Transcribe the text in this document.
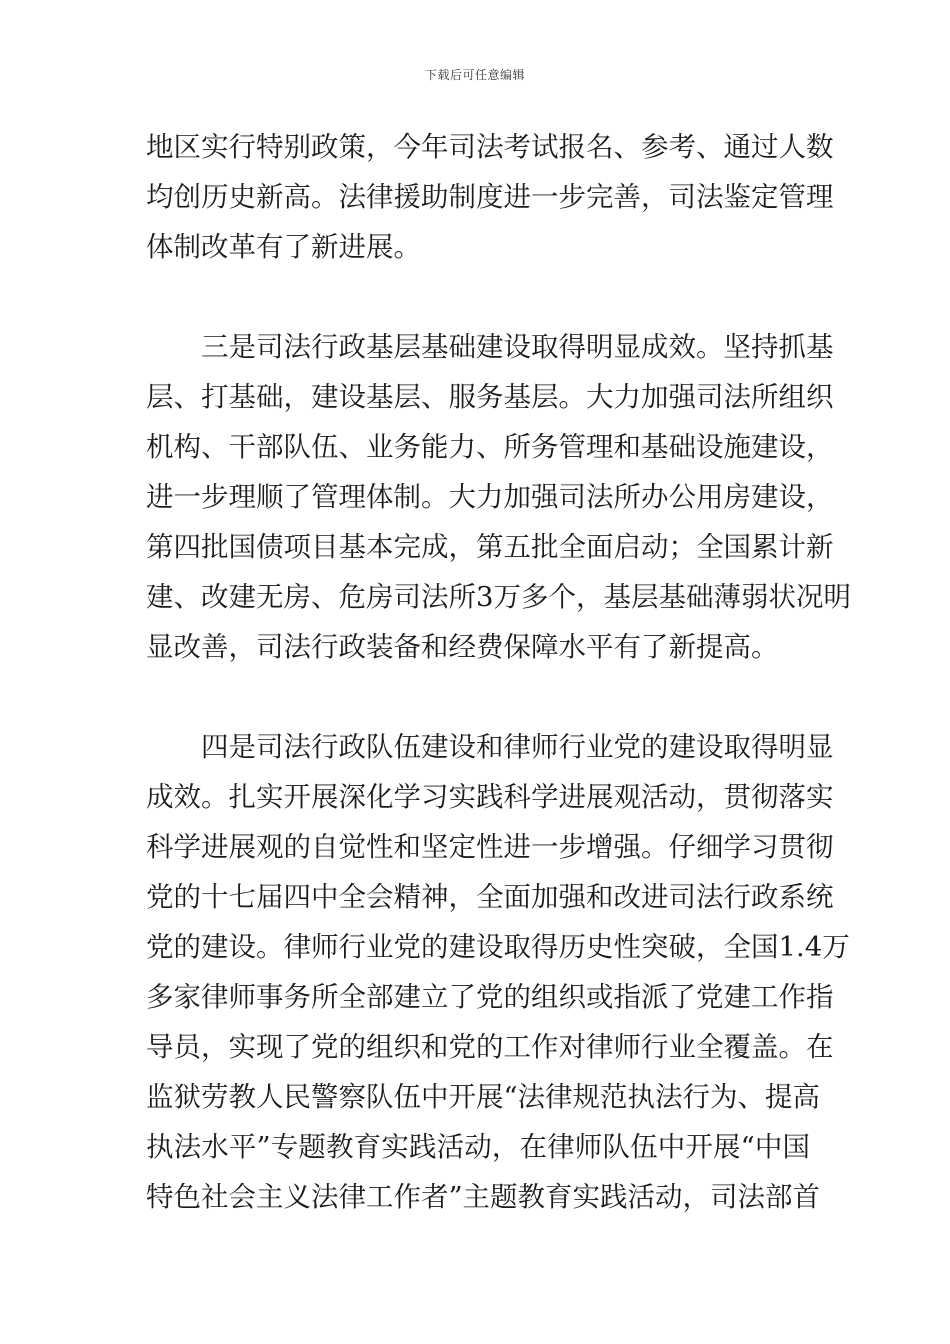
下载后可任意编辑
地区实行特别政策，今年司法考试报名、参考、通过人数
均创历史新高。法律援助制度进一步完善，司法鉴定管理
体制改革有了新进展。
三是司法行政基层基础建设取得明显成效。坚持抓基
层、打基础，建设基层、服务基层。大力加强司法所组织
机构、干部队伍、业务能力、所务管理和基础设施建设，
进一步理顺了管理体制。大力加强司法所办公用房建设，
第四批国债项目基本完成，第五批全面启动；全国累计新
建、改建无房、危房司法所3万多个，基层基础薄弱状况明
显改善，司法行政装备和经费保障水平有了新提高。
四是司法行政队伍建设和律师行业党的建设取得明显
成效。扎实开展深化学习实践科学进展观活动，贯彻落实
科学进展观的自觉性和坚定性进一步增强。仔细学习贯彻
党的十七届四中全会精神，全面加强和改进司法行政系统
党的建设。律师行业党的建设取得历史性突破，全国1.4万
多家律师事务所全部建立了党的组织或指派了党建工作指
导员，实现了党的组织和党的工作对律师行业全覆盖。在
监狱劳教人民警察队伍中开展“法律规范执法行为、提高
执法水平”专题教育实践活动，在律师队伍中开展“中国
特色社会主义法律工作者”主题教育实践活动，司法部首
